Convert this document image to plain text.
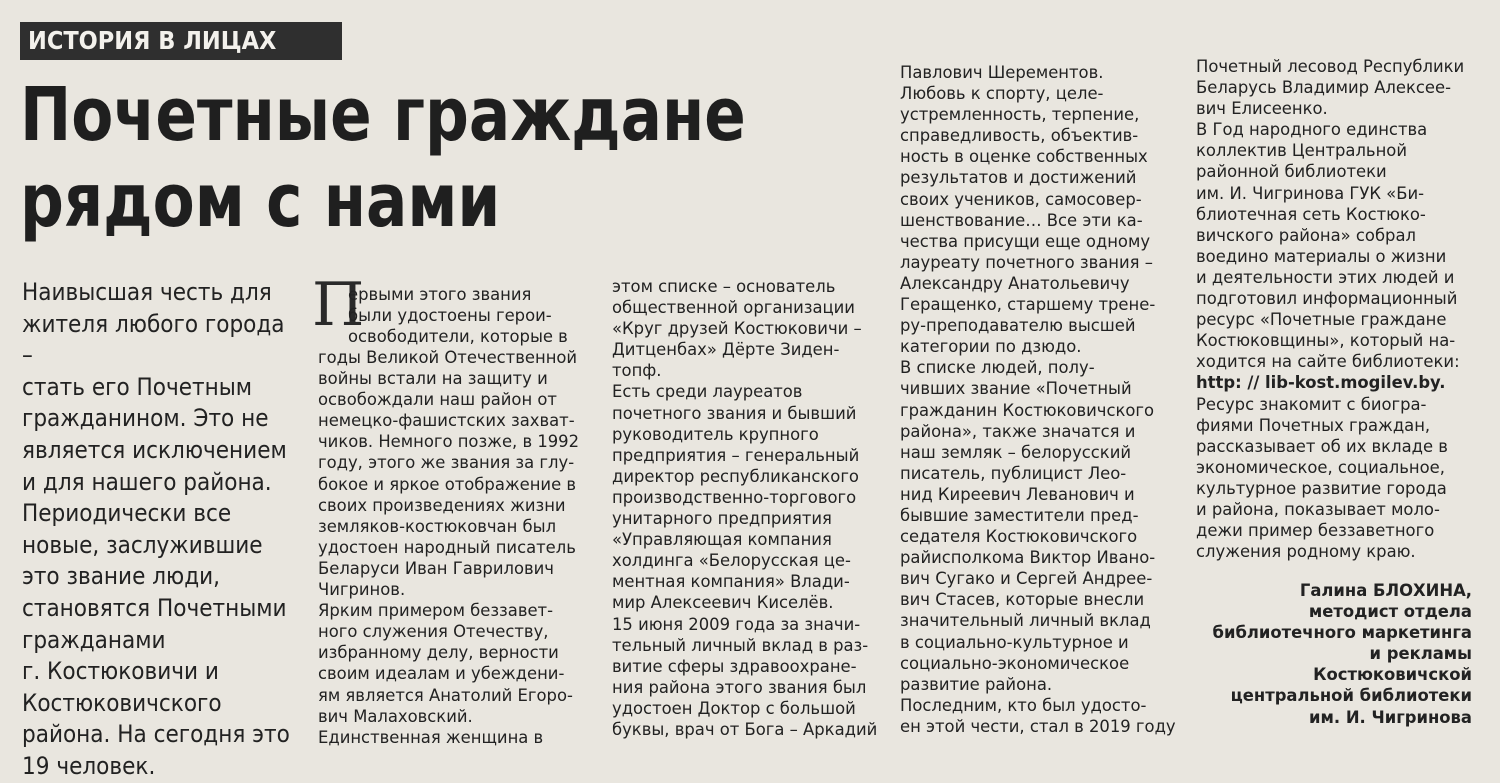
ИСТОРИЯ В ЛИЦАХ
Почетные граждане
рядом с нами
Наивысшая честь для
жителя любого города –
стать его Почетным
гражданином. Это не
является исключением
и для нашего района.
Периодически все
новые, заслужившие
это звание люди,
становятся Почетными
гражданами
г. Костюковичи и
Костюковичского
района. На сегодня это
19 человек.
П
ервыми этого звания
были удостоены герои-
освободители, которые в
годы Великой Отечественной
войны встали на защиту и
освобождали наш район от
немецко-фашистских захват-
чиков. Немного позже, в 1992
году, этого же звания за глу-
бокое и яркое отображение в
своих произведениях жизни
земляков-костюковчан был
удостоен народный писатель
Беларуси Иван Гаврилович
Чигринов.
Ярким примером беззавет-
ного служения Отечеству,
избранному делу, верности
своим идеалам и убеждени-
ям является Анатолий Егоро-
вич Малаховский.
Единственная женщина в
этом списке – основатель
общественной организации
«Круг друзей Костюковичи –
Дитценбах» Дёрте Зиден-
топф.
Есть среди лауреатов
почетного звания и бывший
руководитель крупного
предприятия – генеральный
директор республиканского
производственно-торгового
унитарного предприятия
«Управляющая компания
холдинга «Белорусская це-
ментная компания» Влади-
мир Алексеевич Киселёв.
15 июня 2009 года за значи-
тельный личный вклад в раз-
витие сферы здравоохране-
ния района этого звания был
удостоен Доктор с большой
буквы, врач от Бога – Аркадий
Павлович Шерементов.
Любовь к спорту, целе-
устремленность, терпение,
справедливость, объектив-
ность в оценке собственных
результатов и достижений
своих учеников, самосовер-
шенствование… Все эти ка-
чества присущи еще одному
лауреату почетного звания –
Александру Анатольевичу
Геращенко, старшему трене-
ру-преподавателю высшей
категории по дзюдо.
В списке людей, полу-
чивших звание «Почетный
гражданин Костюковичского
района», также значатся и
наш земляк – белорусский
писатель, публицист Лео-
нид Киреевич Леванович и
бывшие заместители пред-
седателя Костюковичского
райисполкома Виктор Ивано-
вич Сугако и Сергей Андрее-
вич Стасев, которые внесли
значительный личный вклад
в социально-культурное и
социально-экономическое
развитие района.
Последним, кто был удосто-
ен этой чести, стал в 2019 году
Почетный лесовод Республики
Беларусь Владимир Алексее-
вич Елисеенко.
В Год народного единства
коллектив Центральной
районной библиотеки
им. И. Чигринова ГУК «Би-
блиотечная сеть Костюко-
вичского района» собрал
воедино материалы о жизни
и деятельности этих людей и
подготовил информационный
ресурс «Почетные граждане
Костюковщины», который на-
ходится на сайте библиотеки:
http: // lib-kost.mogilev.by.
Ресурс знакомит с биогра-
фиями Почетных граждан,
рассказывает об их вкладе в
экономическое, социальное,
культурное развитие города
и района, показывает моло-
дежи пример беззаветного
служения родному краю.
Галина БЛОХИНА,
методист отдела
библиотечного маркетинга
и рекламы
Костюковичской
центральной библиотеки
им. И. Чигринова
